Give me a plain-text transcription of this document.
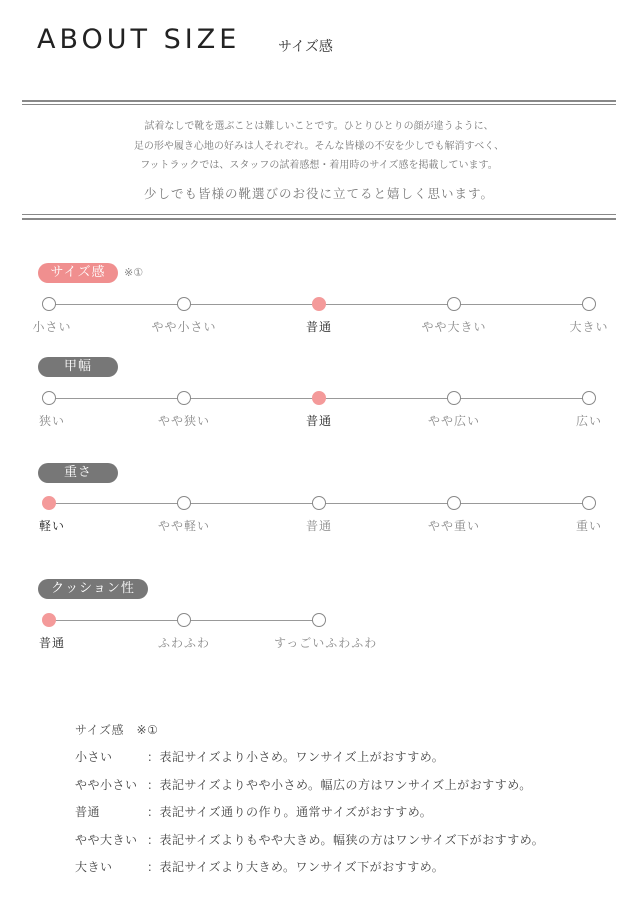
ABOUT SIZE	サイズ感
試着なしで靴を選ぶことは難しいことです。ひとりひとりの顔が違うように、
足の形や履き心地の好みは人それぞれ。そんな皆様の不安を少しでも解消すべく、
フットラックでは、スタッフの試着感想・着用時のサイズ感を掲載しています。
少しでも皆様の靴選びのお役に立てると嬉しく思います。
サイズ感	※①
小さい	やや小さい	普通	やや大きい	大きい
甲幅
狭い	やや狭い	普通	やや広い	広い
重さ
軽い	やや軽い	普通	やや重い	重い
クッション性
普通	ふわふわ	すっごいふわふわ
サイズ感　※①
小さい	：表記サイズより小さめ。ワンサイズ上がおすすめ。
やや小さい ：表記サイズよりやや小さめ。幅広の方はワンサイズ上がおすすめ。
普通	：表記サイズ通りの作り。通常サイズがおすすめ。
やや大きい ：表記サイズよりもやや大きめ。幅狭の方はワンサイズ下がおすすめ。
大きい	：表記サイズより大きめ。ワンサイズ下がおすすめ。
